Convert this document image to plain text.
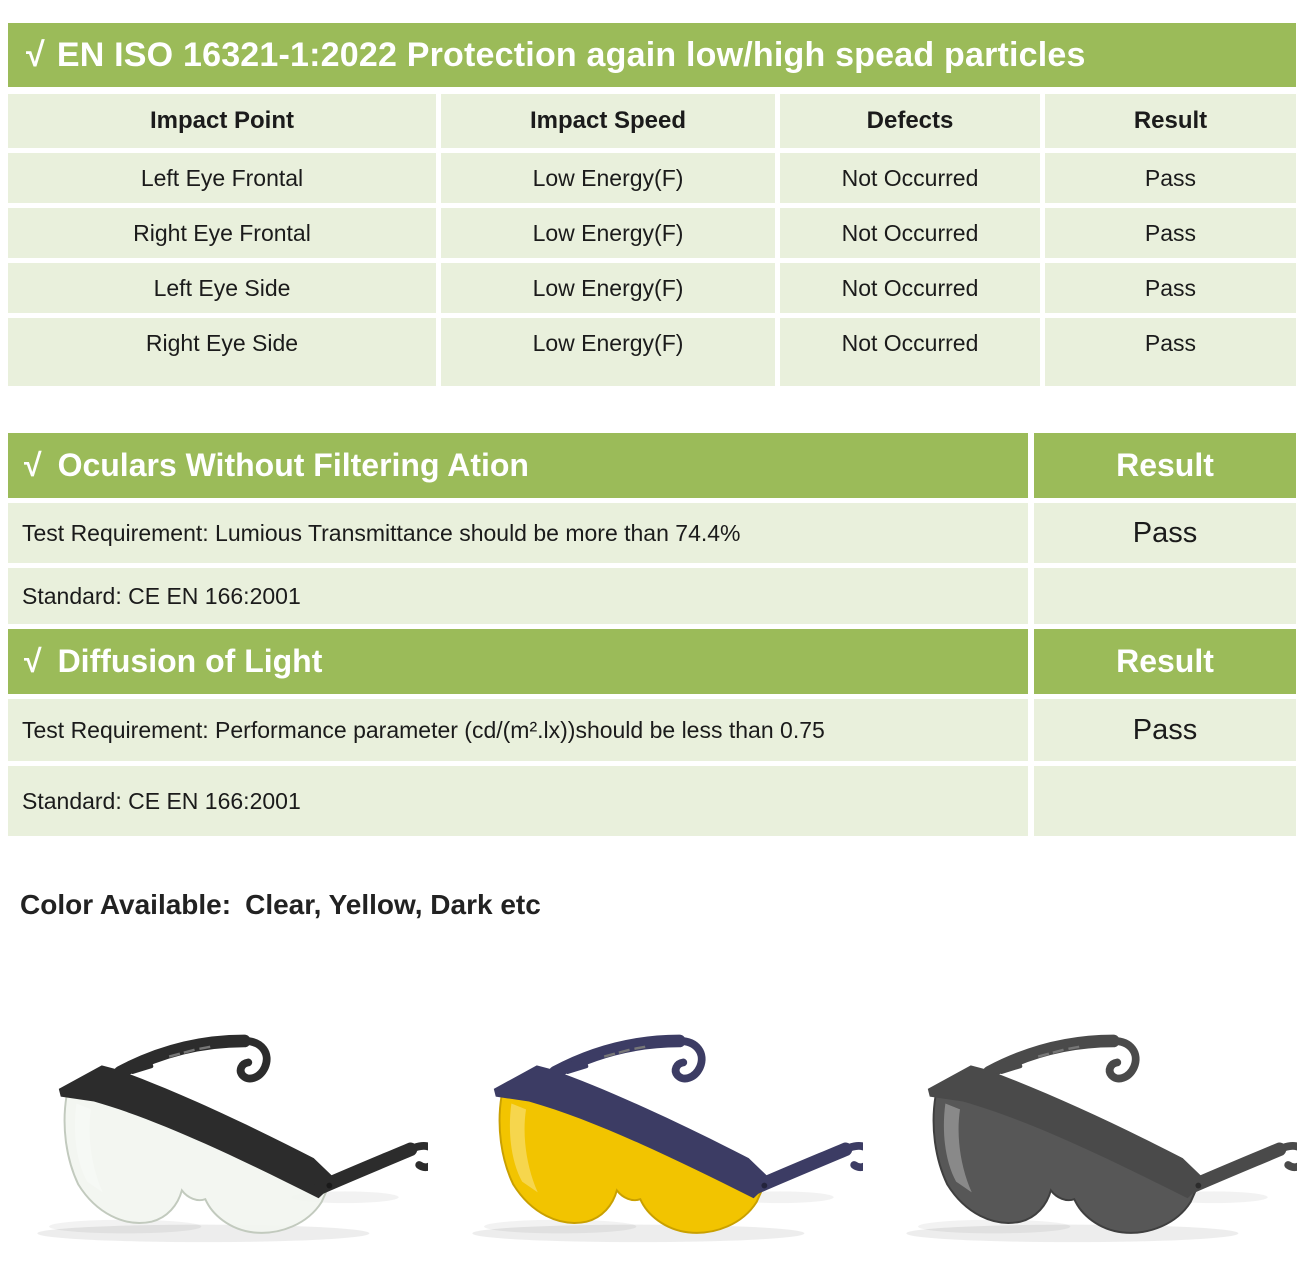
√ EN ISO 16321-1:2022 Protection again low/high spead particles
Impact Point	Impact Speed	Defects	Result
Left Eye Frontal	Low Energy(F)	Not Occurred	Pass
Right Eye Frontal	Low Energy(F)	Not Occurred	Pass
Left Eye Side	Low Energy(F)	Not Occurred	Pass
Right Eye Side	Low Energy(F)	Not Occurred	Pass
√ Oculars Without Filtering Ation	Result
Test Requirement: Lumious Transmittance should be more than 74.4%	Pass
Standard: CE EN 166:2001
√ Diffusion of Light	Result
Test Requirement: Performance parameter (cd/(m².lx))should be less than 0.75	Pass
Standard: CE EN 166:2001
Color Available: Clear, Yellow, Dark etc
